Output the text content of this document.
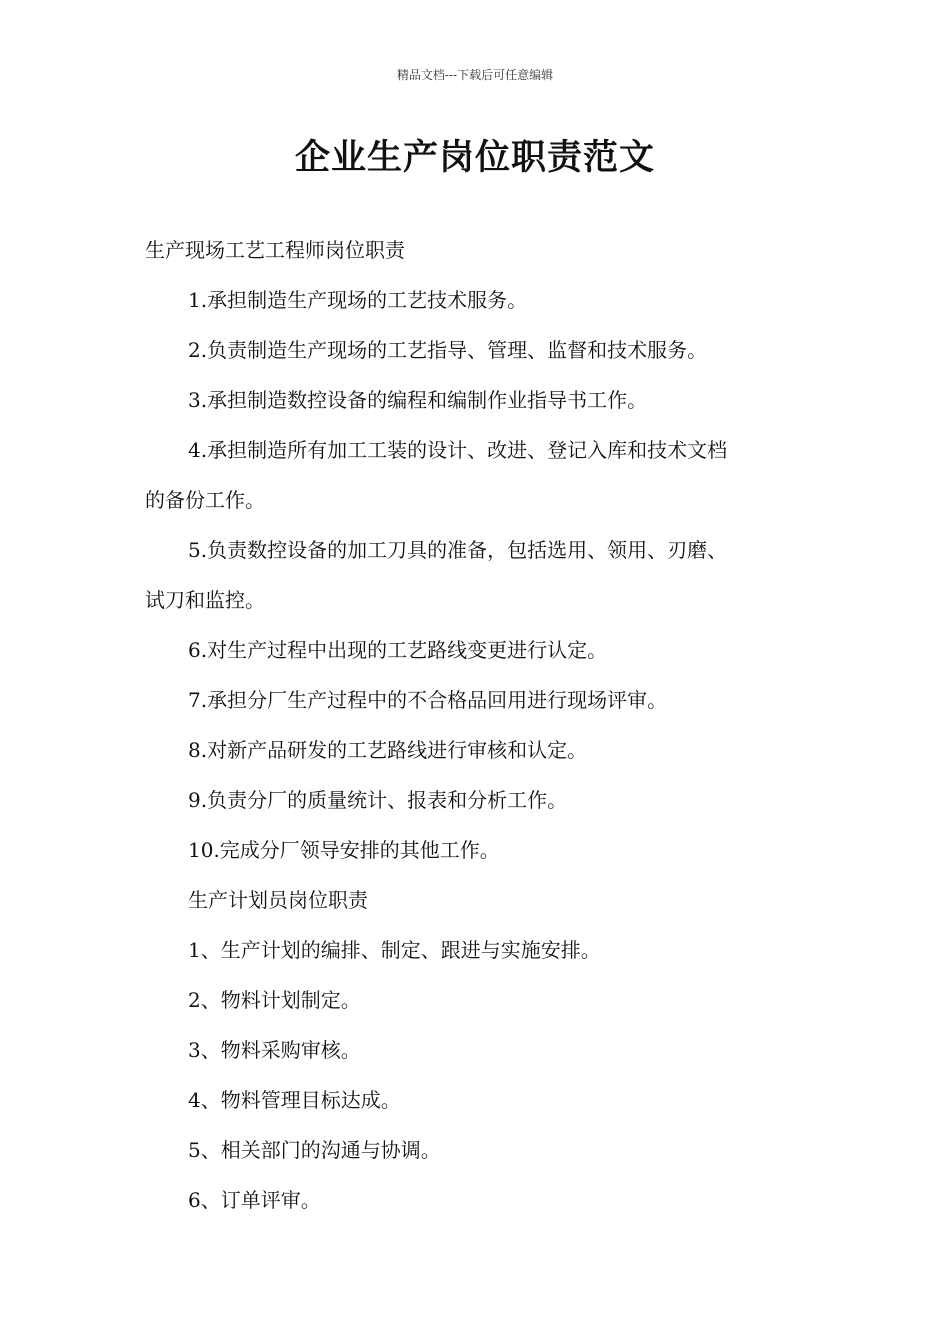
精品文档---下载后可任意编辑
企业生产岗位职责范文
生产现场工艺工程师岗位职责
1.承担制造生产现场的工艺技术服务。
2.负责制造生产现场的工艺指导、管理、监督和技术服务。
3.承担制造数控设备的编程和编制作业指导书工作。
4.承担制造所有加工工装的设计、改进、登记入库和技术文档
的备份工作。
5.负责数控设备的加工刀具的准备，包括选用、领用、刃磨、
试刀和监控。
6.对生产过程中出现的工艺路线变更进行认定。
7.承担分厂生产过程中的不合格品回用进行现场评审。
8.对新产品研发的工艺路线进行审核和认定。
9.负责分厂的质量统计、报表和分析工作。
10.完成分厂领导安排的其他工作。
生产计划员岗位职责
1、生产计划的编排、制定、跟进与实施安排。
2、物料计划制定。
3、物料采购审核。
4、物料管理目标达成。
5、相关部门的沟通与协调。
6、订单评审。
